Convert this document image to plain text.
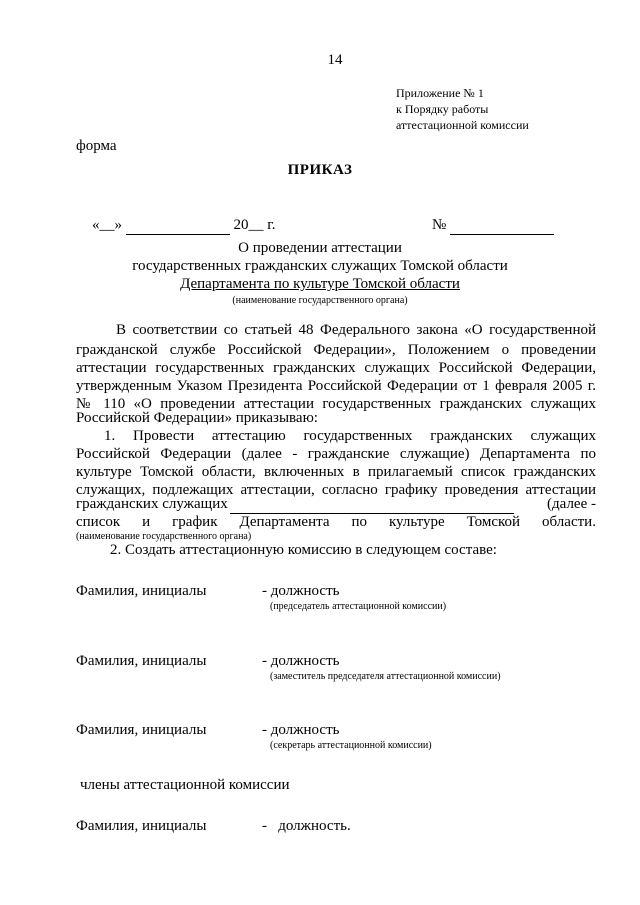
14
Приложение № 1
к Порядку работы
аттестационной комиссии
форма
ПРИКАЗ
«__»	20__ г.	№
О проведении аттестации
государственных гражданских служащих Томской области
Департамента по культуре Томской области
(наименование государственного органа)
В соответствии со статьей 48 Федерального закона «О государственной
гражданской службе Российской Федерации», Положением о проведении
аттестации государственных гражданских служащих Российской Федерации,
утвержденным Указом Президента Российской Федерации от 1 февраля 2005 г.
№ 110 «О проведении аттестации государственных гражданских служащих
Российской Федерации» приказываю:
1. Провести аттестацию государственных гражданских служащих
Российской Федерации (далее - гражданские служащие) Департамента по
культуре Томской области, включенных в прилагаемый список гражданских
служащих, подлежащих аттестации, согласно графику проведения аттестации
гражданских служащих	(далее -
список и график Департамента по культуре Томской области.
(наименование государственного органа)
2. Создать аттестационную комиссию в следующем составе:
Фамилия, инициалы	- должность
(председатель аттестационной комиссии)
Фамилия, инициалы	- должность
(заместитель председателя аттестационной комиссии)
Фамилия, инициалы	- должность
(секретарь аттестационной комиссии)
члены аттестационной комиссии
Фамилия, инициалы	- должность.
